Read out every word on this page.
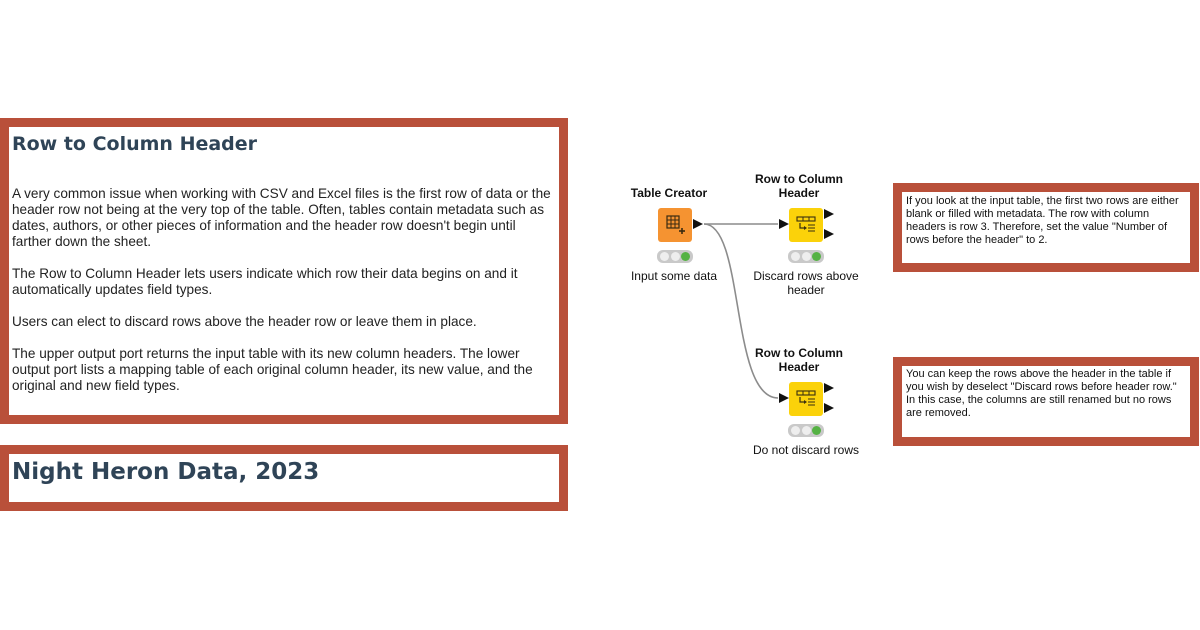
Row to Column Header

A very common issue when working with CSV and Excel files is the first row of data or the header row not being at the very top of the table. Often, tables contain metadata such as dates, authors, or other pieces of information and the header row doesn't begin until farther down the sheet.

The Row to Column Header lets users indicate which row their data begins on and it automatically updates field types.

Users can elect to discard rows above the header row or leave them in place.

The upper output port returns the input table with its new column headers. The lower output port lists a mapping table of each original column header, its new value, and the original and new field types.

Night Heron Data, 2023
If you look at the input table, the first two rows are either blank or filled with metadata. The row with column headers is row 3. Therefore, set the value "Number of rows before the header" to 2.
You can keep the rows above the header in the table if you wish by deselect "Discard rows before header row." In this case, the columns are still renamed but no rows are removed.
Table Creator
Input some data
Row to Column Header
Discard rows above header
Row to Column Header
Do not discard rows
